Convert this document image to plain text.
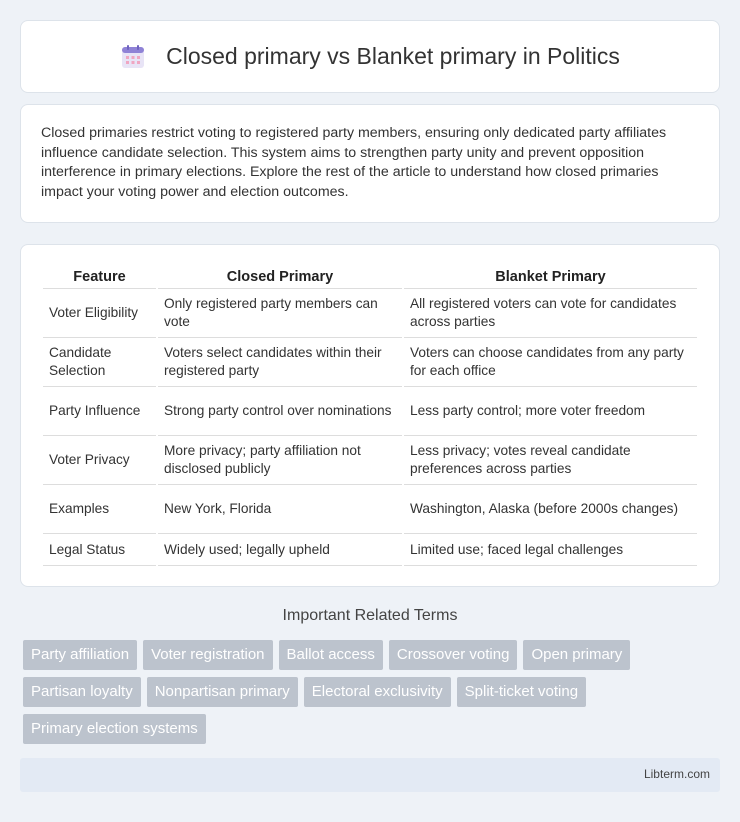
Closed primary vs Blanket primary in Politics

Closed primaries restrict voting to registered party members, ensuring only dedicated party affiliates influence candidate selection. This system aims to strengthen party unity and prevent opposition interference in primary elections. Explore the rest of the article to understand how closed primaries impact your voting power and election outcomes.

Feature	Closed Primary	Blanket Primary
Voter Eligibility	Only registered party members can vote	All registered voters can vote for candidates across parties
Candidate Selection	Voters select candidates within their registered party	Voters can choose candidates from any party for each office
Party Influence	Strong party control over nominations	Less party control; more voter freedom
Voter Privacy	More privacy; party affiliation not disclosed publicly	Less privacy; votes reveal candidate preferences across parties
Examples	New York, Florida	Washington, Alaska (before 2000s changes)
Legal Status	Widely used; legally upheld	Limited use; faced legal challenges
Important Related Terms
Party affiliation	Voter registration	Ballot access	Crossover voting	Open primary
Partisan loyalty	Nonpartisan primary	Electoral exclusivity	Split-ticket voting
Primary election systems
Libterm.com
